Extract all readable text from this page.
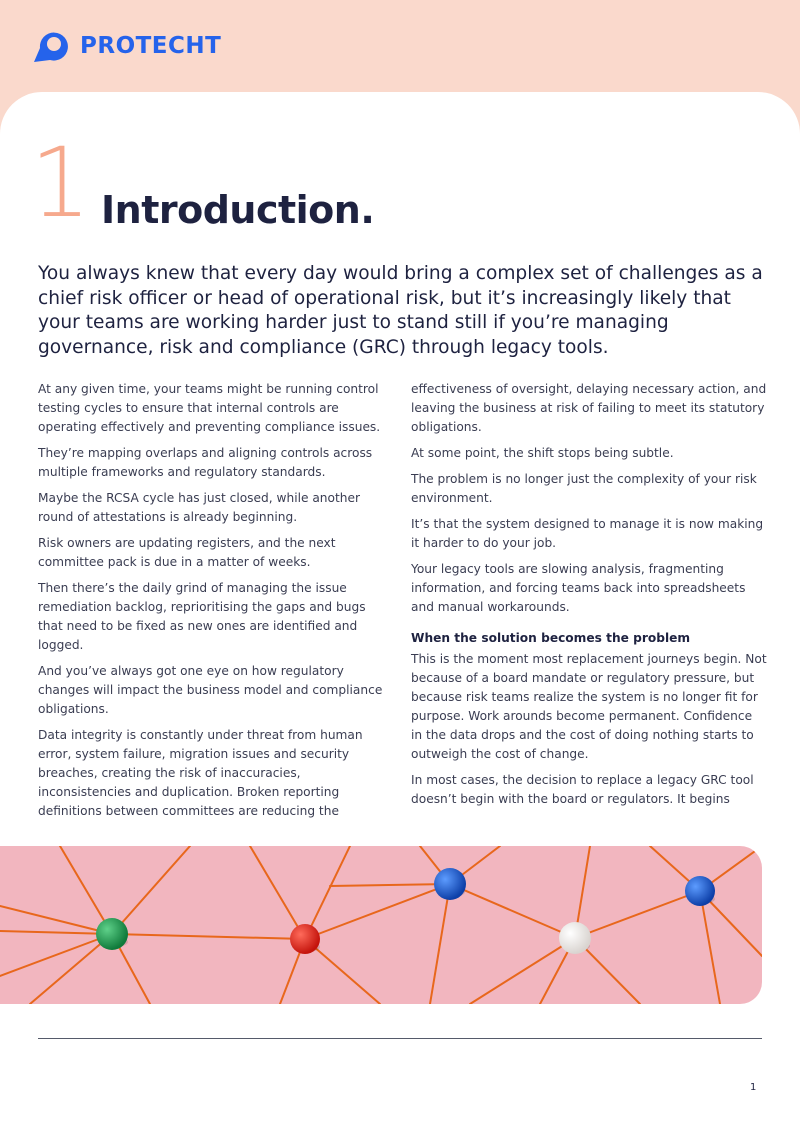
PROTECHT
1 Introduction.

You always knew that every day would bring a complex set of challenges as a chief risk officer or head of operational risk, but it’s increasingly likely that your teams are working harder just to stand still if you’re managing governance, risk and compliance (GRC) through legacy tools.

At any given time, your teams might be running control testing cycles to ensure that internal controls are operating effectively and preventing compliance issues.

They’re mapping overlaps and aligning controls across multiple frameworks and regulatory standards.

Maybe the RCSA cycle has just closed, while another round of attestations is already beginning.

Risk owners are updating registers, and the next committee pack is due in a matter of weeks.

Then there’s the daily grind of managing the issue remediation backlog, reprioritising the gaps and bugs that need to be fixed as new ones are identified and logged.

And you’ve always got one eye on how regulatory changes will impact the business model and compliance obligations.

Data integrity is constantly under threat from human error, system failure, migration issues and security breaches, creating the risk of inaccuracies, inconsistencies and duplication. Broken reporting definitions between committees are reducing the

effectiveness of oversight, delaying necessary action, and leaving the business at risk of failing to meet its statutory obligations.

At some point, the shift stops being subtle.

The problem is no longer just the complexity of your risk environment.

It’s that the system designed to manage it is now making it harder to do your job.

Your legacy tools are slowing analysis, fragmenting information, and forcing teams back into spreadsheets and manual workarounds.

When the solution becomes the problem

This is the moment most replacement journeys begin. Not because of a board mandate or regulatory pressure, but because risk teams realize the system is no longer fit for purpose. Work arounds become permanent. Confidence in the data drops and the cost of doing nothing starts to outweigh the cost of change.

In most cases, the decision to replace a legacy GRC tool doesn’t begin with the board or regulators. It begins

1
